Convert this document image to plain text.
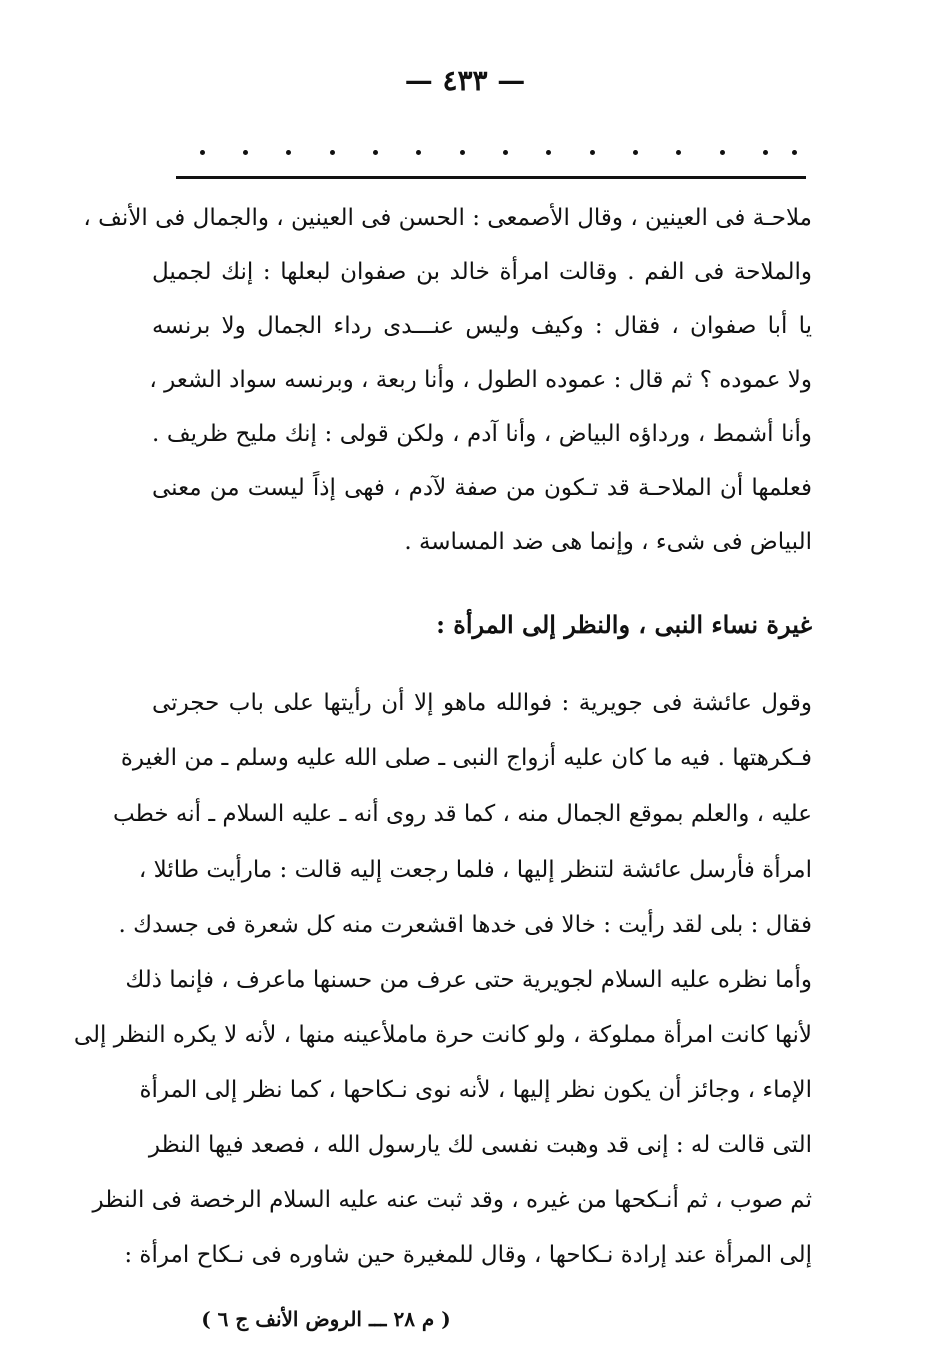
— ٤٣٣ —
ملاحـة فى العينين ، وقال الأصمعى : الحسن فى العينين ، والجمال فى الأنف ،
والملاحة فى الفم . وقالت امرأة خالد بن صفوان لبعلها : إنك لجميل
يا أبا صفوان ، فقال : وكيف وليس عنـــدى رداء الجمال ولا برنسه
ولا عموده ؟ ثم قال : عموده الطول ، وأنا ربعة ، وبرنسه سواد الشعر ،
وأنا أشمط ، ورداؤه البياض ، وأنا آدم ، ولكن قولى : إنك مليح ظريف .
فعلمها أن الملاحـة قد تـكون من صفة لآدم ، فهى إذاً ليست من معنى
البياض فى شىء ، وإنما هى ضد المساسة .
غيرة نساء النبى ، والنظر إلى المرأة :
وقول عائشة فى جويرية : فوالله ماهو إلا أن رأيتها على باب حجرتى
فـكرهتها . فيه ما كان عليه أزواج النبى ـ صلى الله عليه وسلم ـ من الغيرة
عليه ، والعلم بموقع الجمال منه ، كما قد روى أنه ـ عليه السلام ـ أنه خطب
امرأة فأرسل عائشة لتنظر إليها ، فلما رجعت إليه قالت : مارأيت طائلا ،
فقال : بلى لقد رأيت : خالا فى خدها اقشعرت منه كل شعرة فى جسدك .
وأما نظره عليه السلام لجويرية حتى عرف من حسنها ماعرف ، فإنما ذلك
لأنها كانت امرأة مملوكة ، ولو كانت حرة ماملأعينه منها ، لأنه لا يكره النظر إلى
الإماء ، وجائز أن يكون نظر إليها ، لأنه نوى نـكاحها ، كما نظر إلى المرأة
التى قالت له : إنى قد وهبت نفسى لك يارسول الله ، فصعد فيها النظر
ثم صوب ، ثم أنـكحها من غيره ، وقد ثبت عنه عليه السلام الرخصة فى النظر
إلى المرأة عند إرادة نـكاحها ، وقال للمغيرة حين شاوره فى نـكاح امرأة :
( م ٢٨ ـــ الروض الأنف ج ٦ )
